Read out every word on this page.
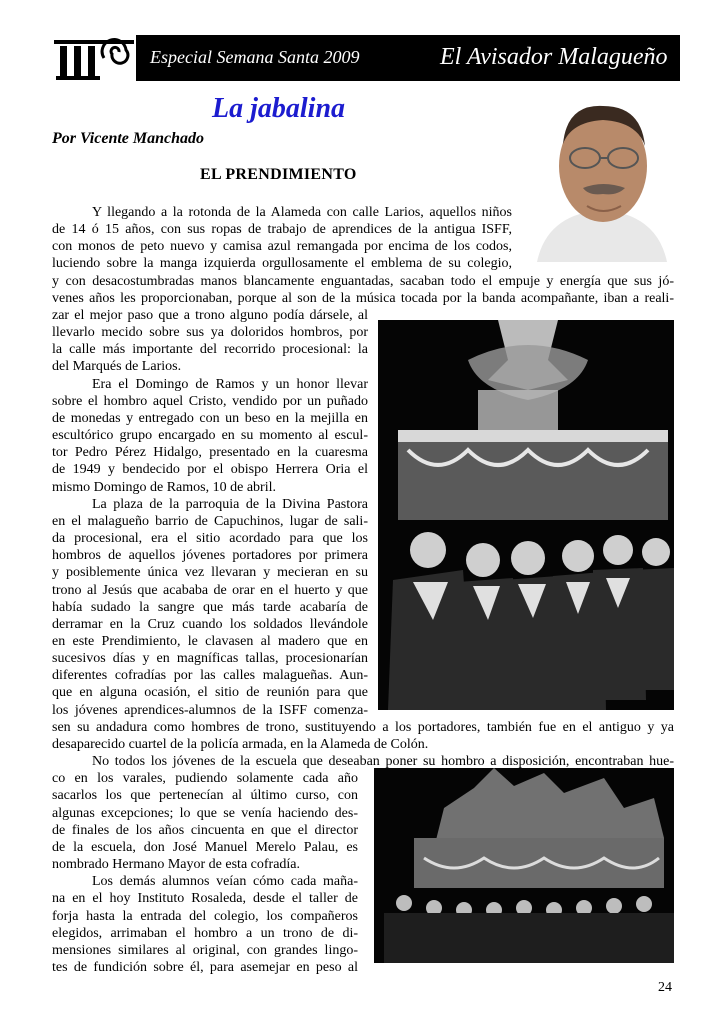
Especial Semana Santa 2009	El Avisador Malagueño
La jabalina
Por Vicente Manchado
EL PRENDIMIENTO
Y llegando a la rotonda de la Alameda con calle Larios, aquellos niños
de 14 ó 15 años, con sus ropas de trabajo de aprendices de la antigua ISFF,
con monos de peto nuevo y camisa azul remangada por encima de los codos,
luciendo sobre la manga izquierda orgullosamente el emblema de su colegio,
y con desacostumbradas manos blancamente enguantadas, sacaban todo el empuje y energía que sus jó-
venes años les proporcionaban, porque al son de la música tocada por la banda acompañante, iban a reali-
zar el mejor paso que a trono alguno podía dársele, al
llevarlo mecido sobre sus ya doloridos hombros, por
la calle más importante del recorrido procesional: la
del Marqués de Larios.
Era el Domingo de Ramos y un honor llevar
sobre el hombro aquel Cristo, vendido por un puñado
de monedas y entregado con un beso en la mejilla en
escultórico grupo encargado en su momento al escul-
tor Pedro Pérez Hidalgo, presentado en la cuaresma
de 1949 y bendecido por el obispo Herrera Oria el
mismo Domingo de Ramos, 10 de abril.
La plaza de la parroquia de la Divina Pastora
en el malagueño barrio de Capuchinos, lugar de sali-
da procesional, era el sitio acordado para que los
hombros de aquellos jóvenes portadores por primera
y posiblemente única vez llevaran y mecieran en su
trono al Jesús que acababa de orar en el huerto y que
había sudado la sangre que más tarde acabaría de
derramar en la Cruz cuando los soldados llevándole
en este Prendimiento, le clavasen al madero que en
sucesivos días y en magníficas tallas, procesionarían
diferentes cofradías por las calles malagueñas. Aun-
que en alguna ocasión, el sitio de reunión para que
los jóvenes aprendices-alumnos de la ISFF comenza-
sen su andadura como hombres de trono, sustituyendo a los portadores, también fue en el antiguo y ya
desaparecido cuartel de la policía armada, en la Alameda de Colón.
No todos los jóvenes de la escuela que deseaban poner su hombro a disposición, encontraban hue-
co en los varales, pudiendo solamente cada año
sacarlos los que pertenecían al último curso, con
algunas excepciones; lo que se venía haciendo des-
de finales de los años cincuenta en que el director
de la escuela, don José Manuel Merelo Palau, es
nombrado Hermano Mayor de esta cofradía.
Los demás alumnos veían cómo cada maña-
na en el hoy Instituto Rosaleda, desde el taller de
forja hasta la entrada del colegio, los compañeros
elegidos, arrimaban el hombro a un trono de di-
mensiones similares al original, con grandes lingo-
tes de fundición sobre él, para asemejar en peso al
24
